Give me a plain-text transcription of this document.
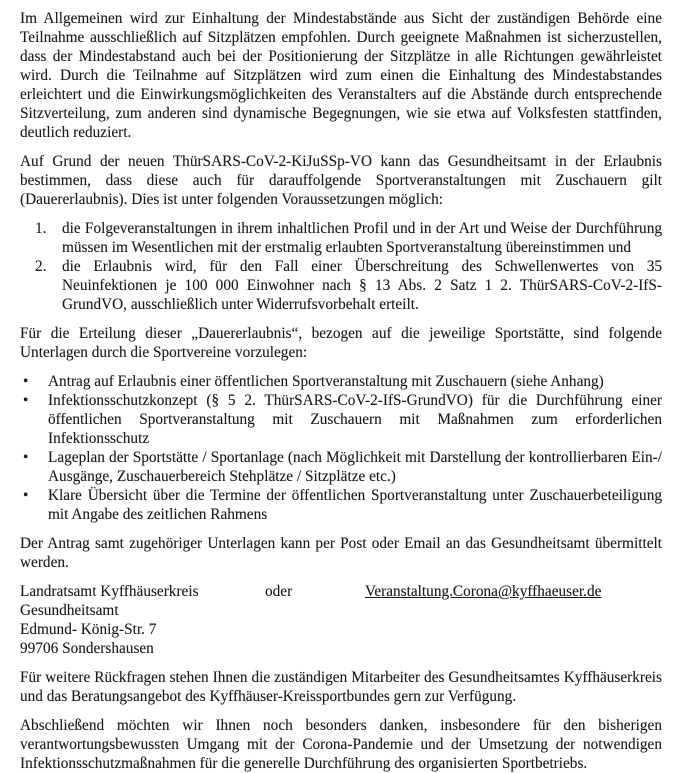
Im Allgemeinen wird zur Einhaltung der Mindestabstände aus Sicht der zuständigen Behörde eine Teilnahme ausschließlich auf Sitzplätzen empfohlen. Durch geeignete Maßnahmen ist sicherzustellen, dass der Mindestabstand auch bei der Positionierung der Sitzplätze in alle Richtungen gewährleistet wird. Durch die Teilnahme auf Sitzplätzen wird zum einen die Einhaltung des Mindestabstandes erleichtert und die Einwirkungsmöglichkeiten des Veranstalters auf die Abstände durch entsprechende Sitzverteilung, zum anderen sind dynamische Begegnungen, wie sie etwa auf Volksfesten stattfinden, deutlich reduziert.

Auf Grund der neuen ThürSARS-CoV-2-KiJuSSp-VO kann das Gesundheitsamt in der Erlaubnis bestimmen, dass diese auch für darauffolgende Sportveranstaltungen mit Zuschauern gilt (Dauererlaubnis). Dies ist unter folgenden Voraussetzungen möglich:

1.	die Folgeveranstaltungen in ihrem inhaltlichen Profil und in der Art und Weise der Durchführung müssen im Wesentlichen mit der erstmalig erlaubten Sportveranstaltung übereinstimmen und
2.	die Erlaubnis wird, für den Fall einer Überschreitung des Schwellenwertes von 35 Neuinfektionen je 100 000 Einwohner nach § 13 Abs. 2 Satz 1 2. ThürSARS-CoV-2-IfS-GrundVO, ausschließlich unter Widerrufsvorbehalt erteilt.

Für die Erteilung dieser „Dauererlaubnis“, bezogen auf die jeweilige Sportstätte, sind folgende Unterlagen durch die Sportvereine vorzulegen:

•	Antrag auf Erlaubnis einer öffentlichen Sportveranstaltung mit Zuschauern (siehe Anhang)
•	Infektionsschutzkonzept (§ 5 2. ThürSARS-CoV-2-IfS-GrundVO) für die Durchführung einer öffentlichen Sportveranstaltung mit Zuschauern mit Maßnahmen zum erforderlichen Infektionsschutz
•	Lageplan der Sportstätte / Sportanlage (nach Möglichkeit mit Darstellung der kontrollierbaren Ein-/ Ausgänge, Zuschauerbereich Stehplätze / Sitzplätze etc.)
•	Klare Übersicht über die Termine der öffentlichen Sportveranstaltung unter Zuschauerbeteiligung mit Angabe des zeitlichen Rahmens

Der Antrag samt zugehöriger Unterlagen kann per Post oder Email an das Gesundheitsamt übermittelt werden.

Landratsamt Kyffhäuserkreis	oder	Veranstaltung.Corona@kyffhaeuser.de
Gesundheitsamt
Edmund- König-Str. 7
99706 Sondershausen

Für weitere Rückfragen stehen Ihnen die zuständigen Mitarbeiter des Gesundheitsamtes Kyffhäuserkreis und das Beratungsangebot des Kyffhäuser-Kreissportbundes gern zur Verfügung.

Abschließend möchten wir Ihnen noch besonders danken, insbesondere für den bisherigen verantwortungsbewussten Umgang mit der Corona-Pandemie und der Umsetzung der notwendigen Infektionsschutzmaßnahmen für die generelle Durchführung des organisierten Sportbetriebs.
